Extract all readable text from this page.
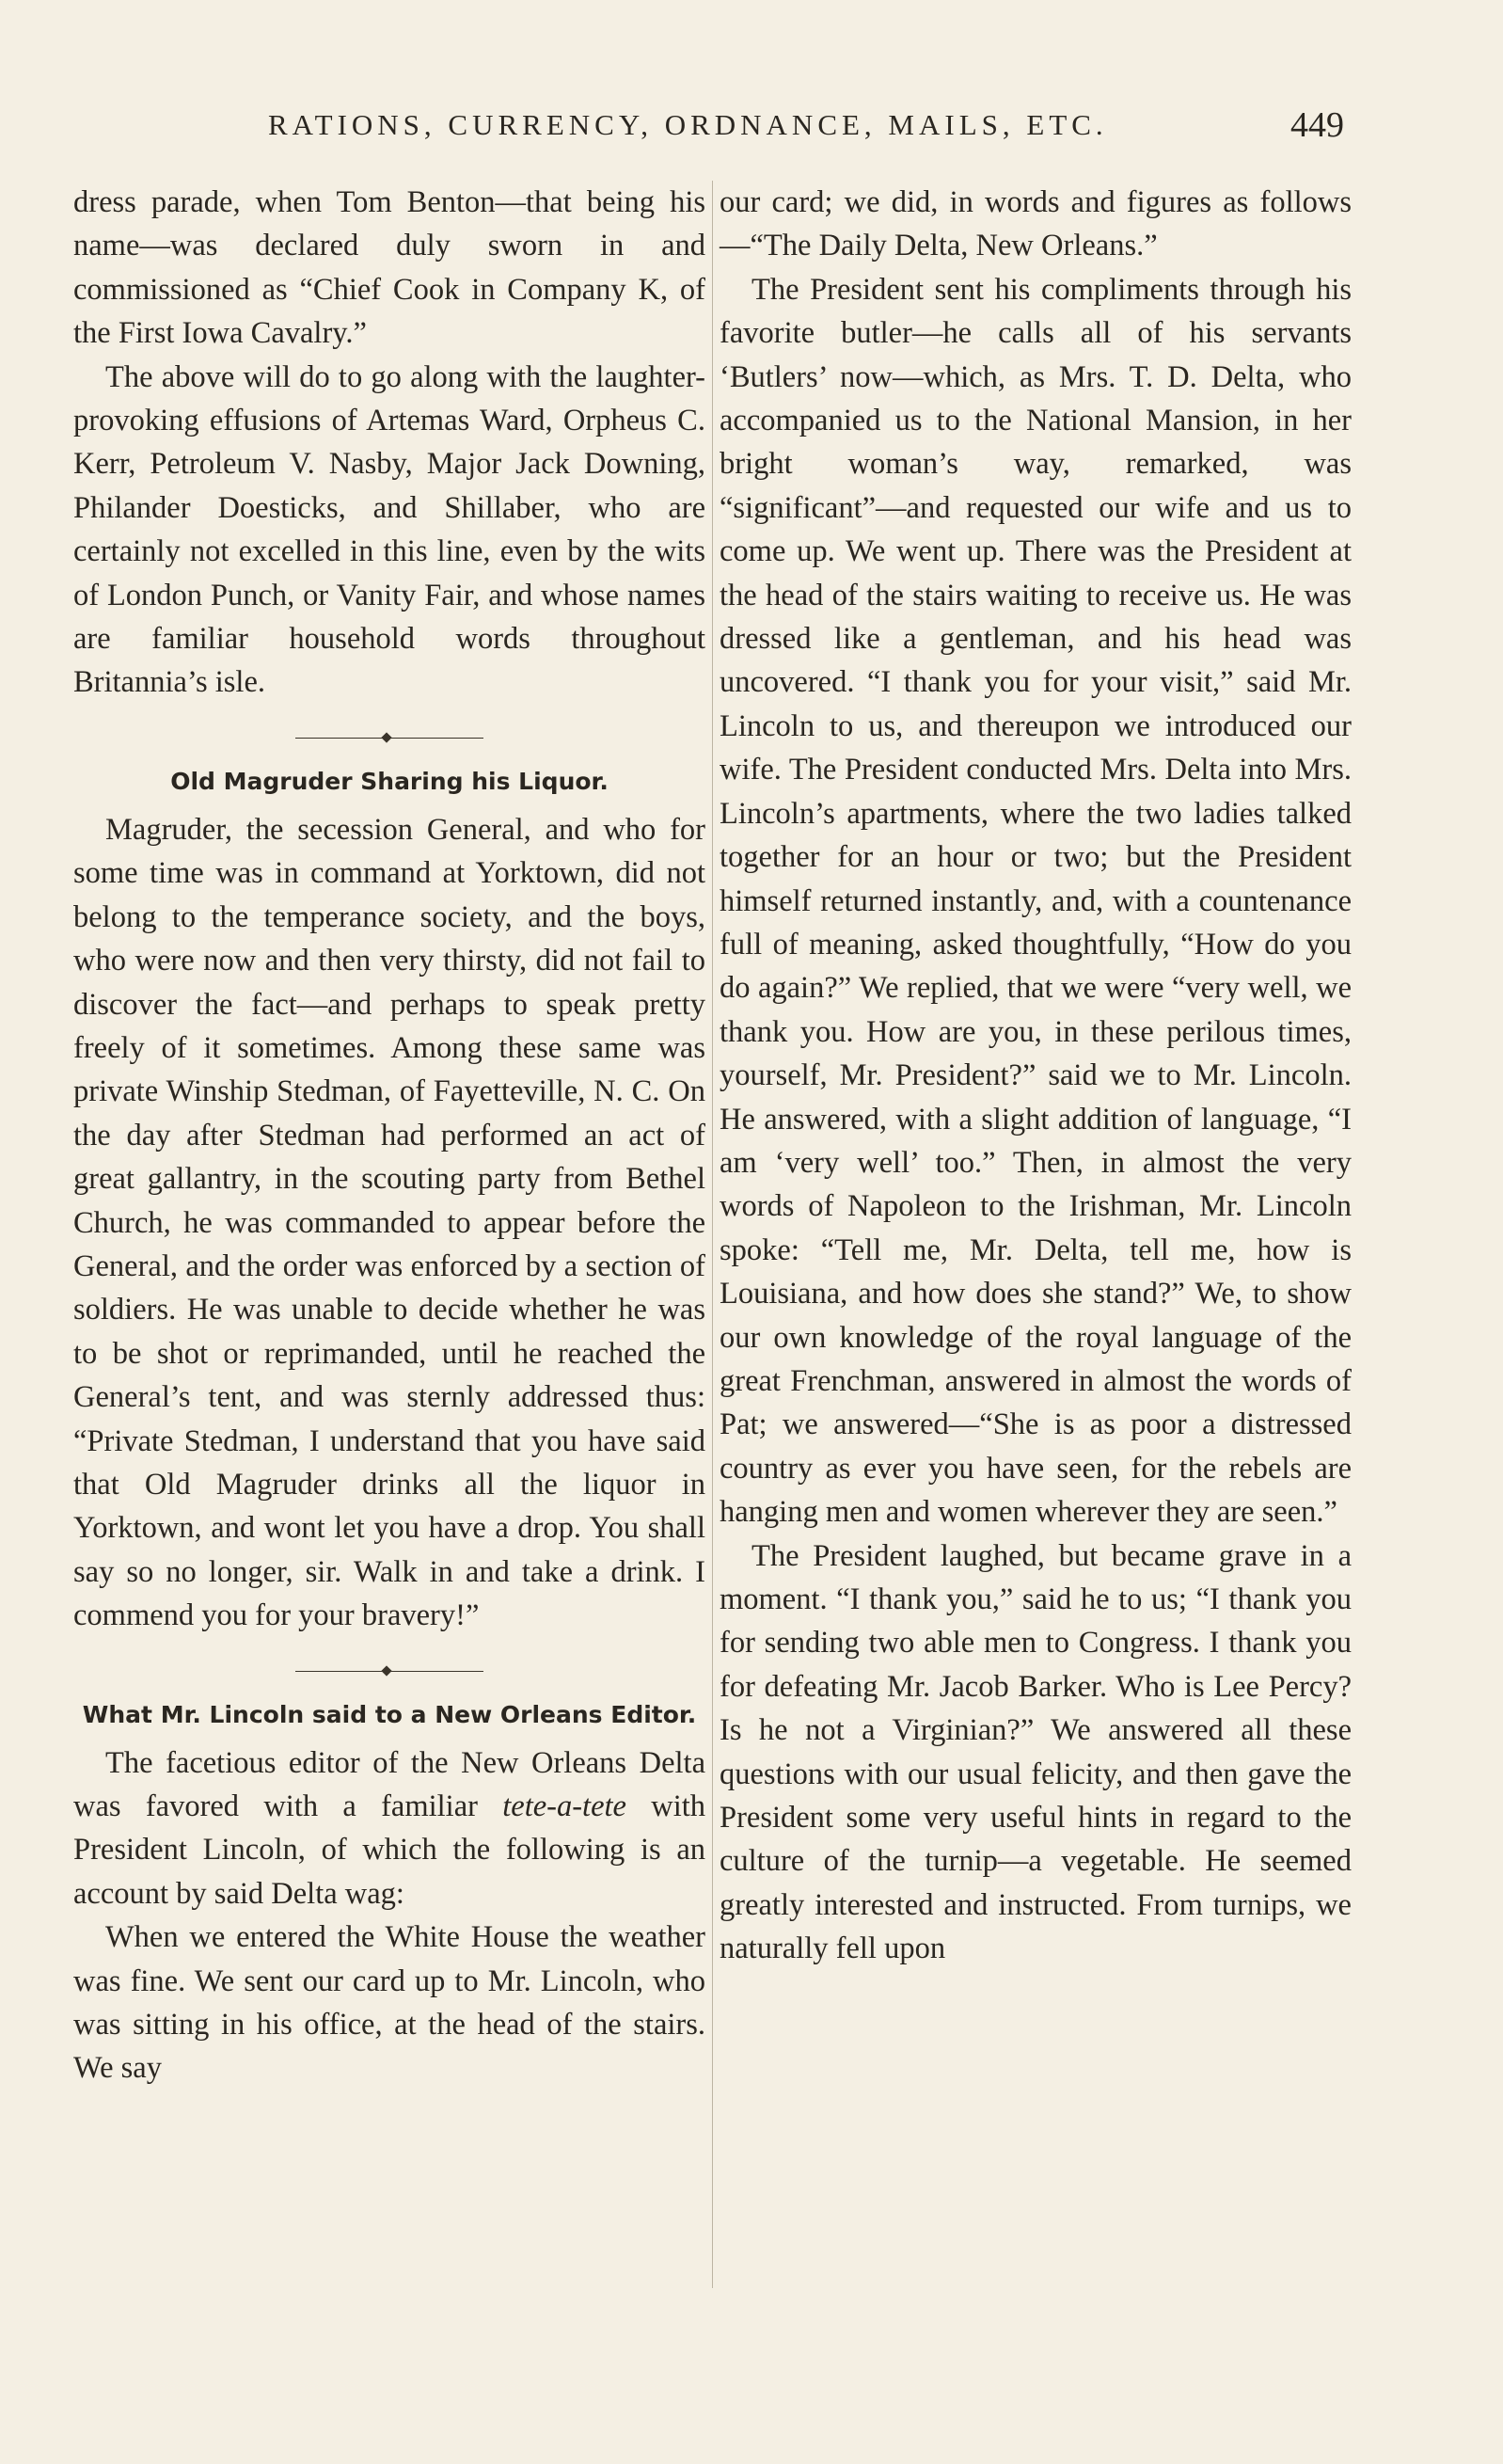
RATIONS, CURRENCY, ORDNANCE, MAILS, ETC.	449

dress parade, when Tom Benton—that being his name—was declared duly sworn in and commissioned as “Chief Cook in Company K, of the First Iowa Cavalry.”

The above will do to go along with the laughter-provoking effusions of Artemas Ward, Orpheus C. Kerr, Petroleum V. Nasby, Major Jack Downing, Philander Doesticks, and Shillaber, who are certainly not excelled in this line, even by the wits of London Punch, or Vanity Fair, and whose names are familiar household words throughout Britannia’s isle.

Old Magruder Sharing his Liquor.

Magruder, the secession General, and who for some time was in command at Yorktown, did not belong to the temperance society, and the boys, who were now and then very thirsty, did not fail to discover the fact—and perhaps to speak pretty freely of it sometimes. Among these same was private Winship Stedman, of Fayetteville, N. C. On the day after Stedman had performed an act of great gallantry, in the scouting party from Bethel Church, he was commanded to appear before the General, and the order was enforced by a section of soldiers. He was unable to decide whether he was to be shot or reprimanded, until he reached the General’s tent, and was sternly addressed thus: “Private Stedman, I understand that you have said that Old Magruder drinks all the liquor in Yorktown, and wont let you have a drop. You shall say so no longer, sir. Walk in and take a drink. I commend you for your bravery!”

What Mr. Lincoln said to a New Orleans Editor.

The facetious editor of the New Orleans Delta was favored with a familiar tete-a-tete with President Lincoln, of which the following is an account by said Delta wag:

When we entered the White House the weather was fine. We sent our card up to Mr. Lincoln, who was sitting in his office, at the head of the stairs. We say

our card; we did, in words and figures as follows—“The Daily Delta, New Orleans.”

The President sent his compliments through his favorite butler—he calls all of his servants ‘Butlers’ now—which, as Mrs. T. D. Delta, who accompanied us to the National Mansion, in her bright woman’s way, remarked, was “significant”—and requested our wife and us to come up. We went up. There was the President at the head of the stairs waiting to receive us. He was dressed like a gentleman, and his head was uncovered. “I thank you for your visit,” said Mr. Lincoln to us, and thereupon we introduced our wife. The President conducted Mrs. Delta into Mrs. Lincoln’s apartments, where the two ladies talked together for an hour or two; but the President himself returned instantly, and, with a countenance full of meaning, asked thoughtfully, “How do you do again?” We replied, that we were “very well, we thank you. How are you, in these perilous times, yourself, Mr. President?” said we to Mr. Lincoln. He answered, with a slight addition of language, “I am ‘very well’ too.” Then, in almost the very words of Napoleon to the Irishman, Mr. Lincoln spoke: “Tell me, Mr. Delta, tell me, how is Louisiana, and how does she stand?” We, to show our own knowledge of the royal language of the great Frenchman, answered in almost the words of Pat; we answered—“She is as poor a distressed country as ever you have seen, for the rebels are hanging men and women wherever they are seen.”

The President laughed, but became grave in a moment. “I thank you,” said he to us; “I thank you for sending two able men to Congress. I thank you for defeating Mr. Jacob Barker. Who is Lee Percy? Is he not a Virginian?” We answered all these questions with our usual felicity, and then gave the President some very useful hints in regard to the culture of the turnip—a vegetable. He seemed greatly interested and instructed. From turnips, we naturally fell upon
